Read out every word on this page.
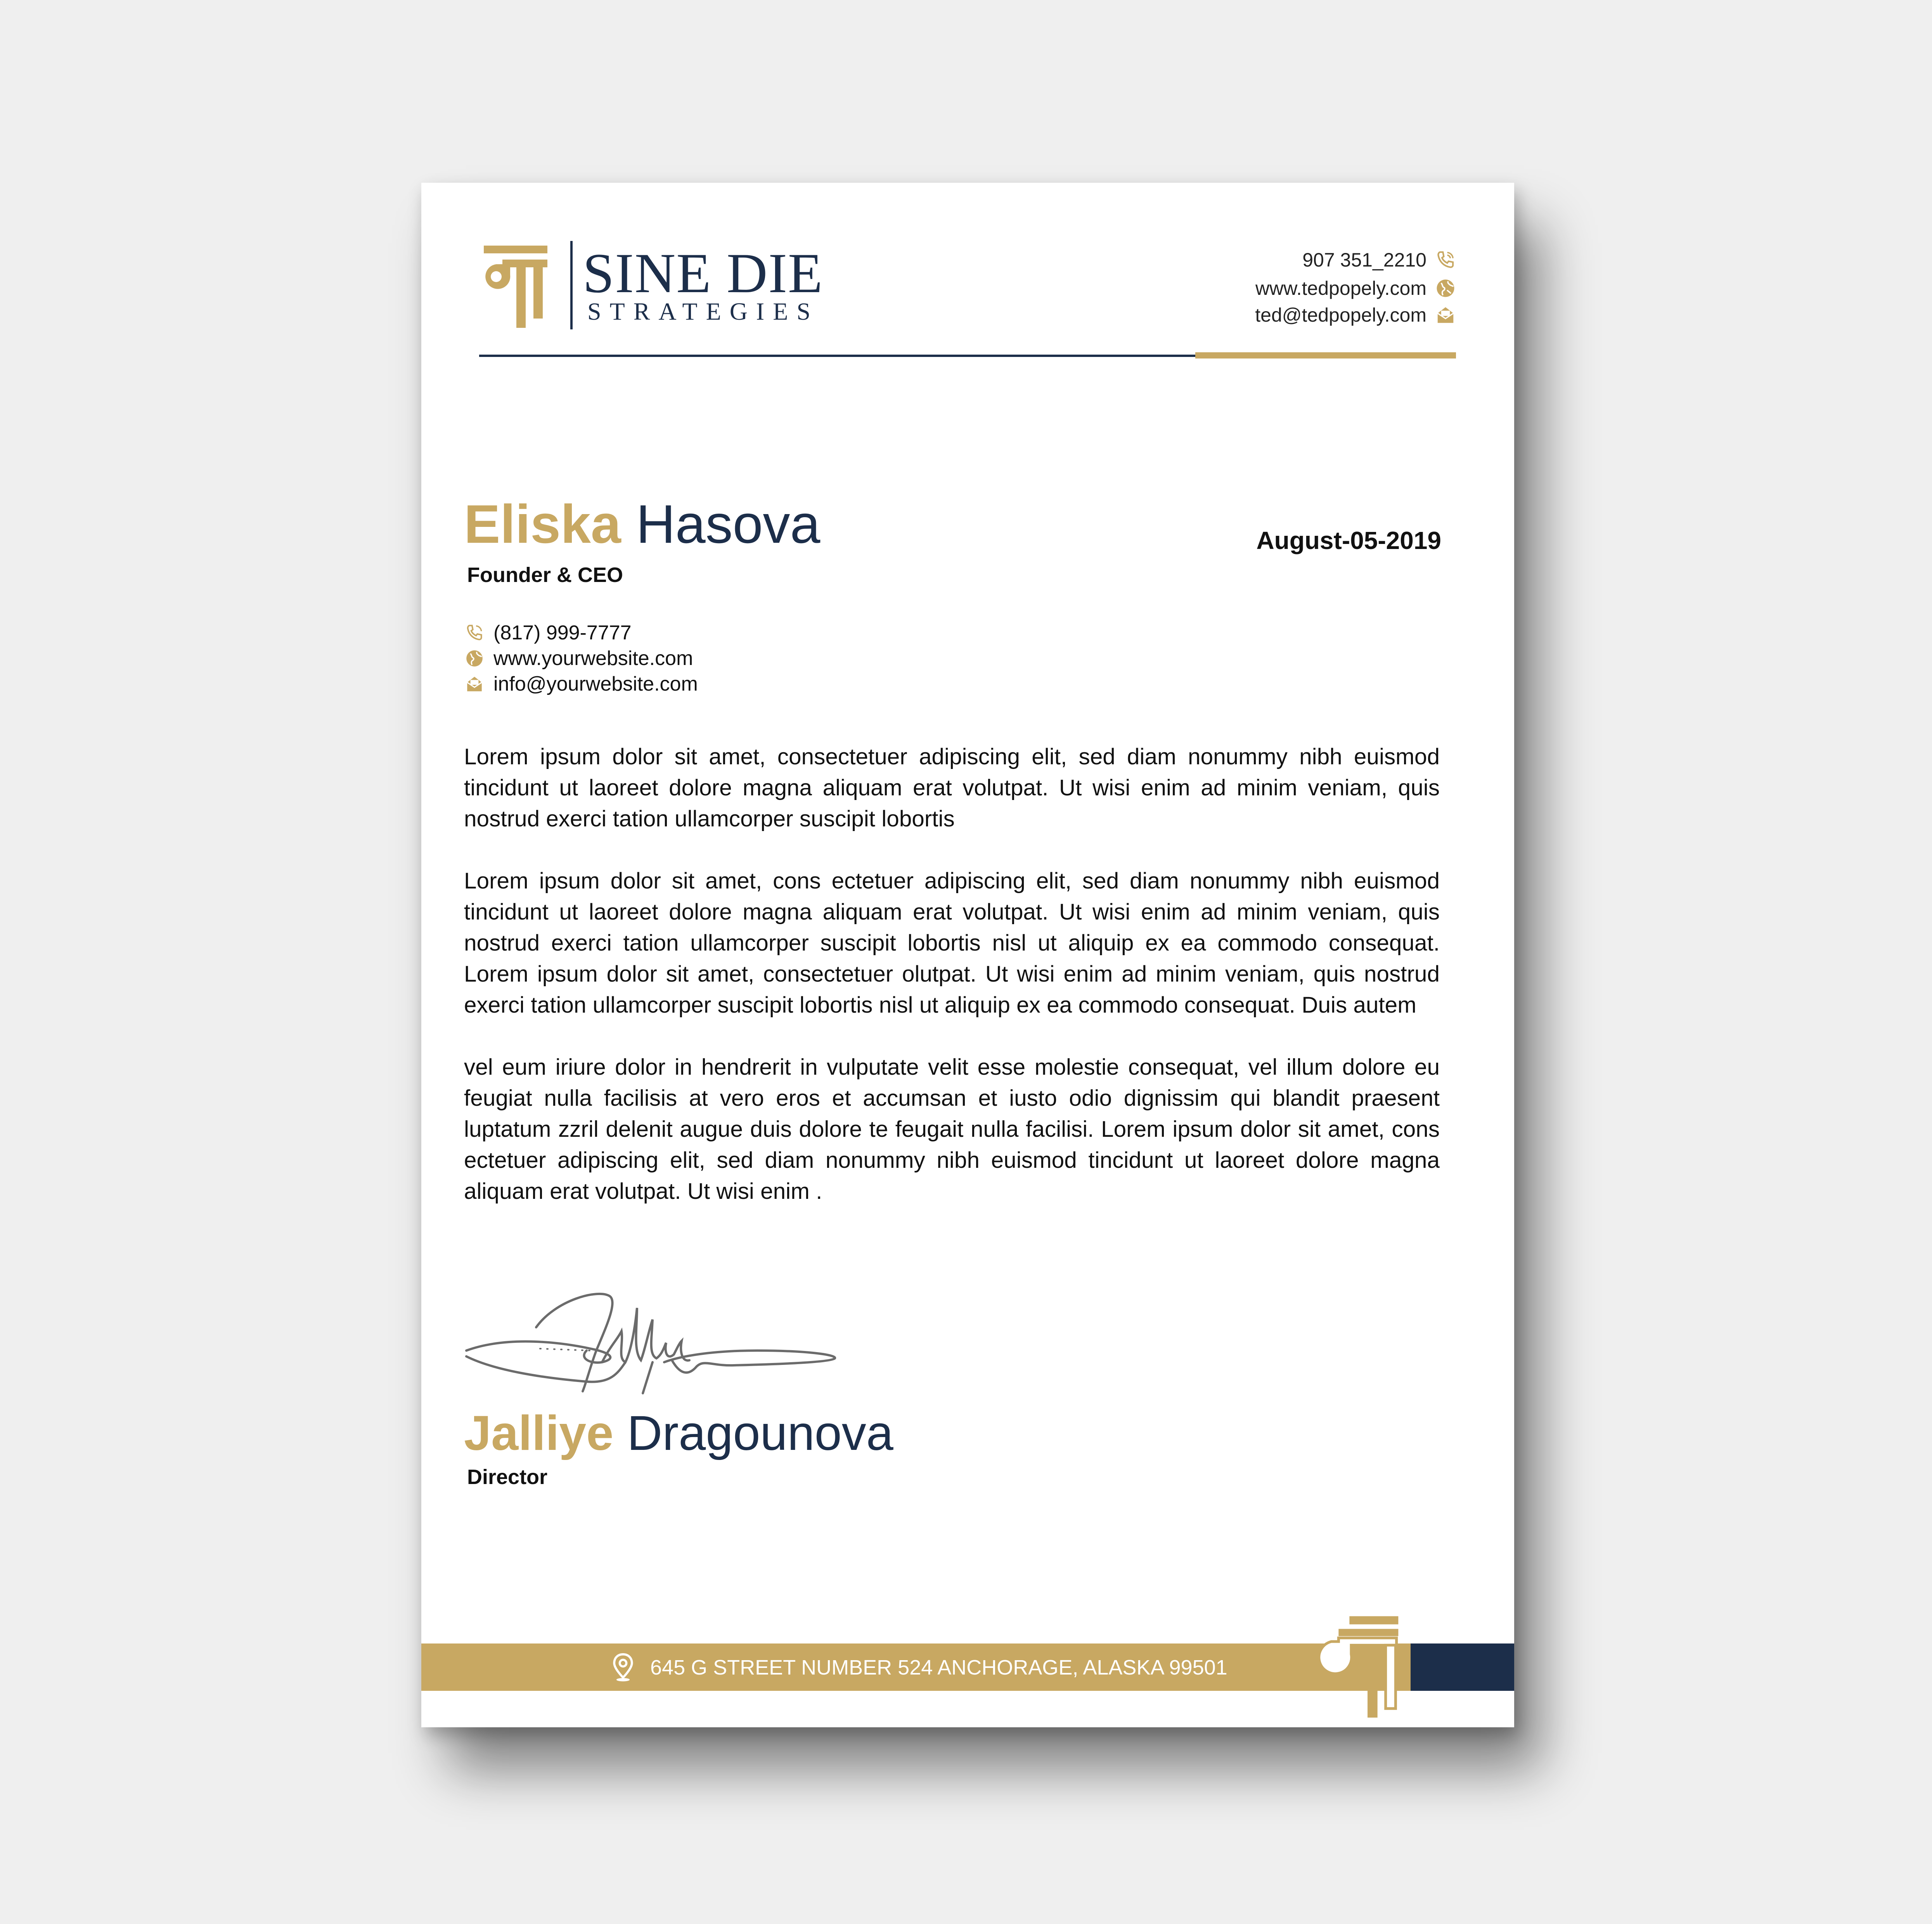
SINE DIE
STRATEGIES
907 351_2210
www.tedpopely.com
ted@tedpopely.com
Eliska Hasova
Founder & CEO
August-05-2019
(817) 999-7777
www.yourwebsite.com
info@yourwebsite.com

Lorem ipsum dolor sit amet, consectetuer adipiscing elit, sed diam nonummy nibh euismod tincidunt ut laoreet dolore magna aliquam erat volutpat. Ut wisi enim ad minim veniam, quis nostrud exerci tation ullamcorper suscipit lobortis

Lorem ipsum dolor sit amet, cons ectetuer adipiscing elit, sed diam nonummy nibh euismod tincidunt ut laoreet dolore magna aliquam erat volutpat. Ut wisi enim ad minim veniam, quis nostrud exerci tation ullamcorper suscipit lobortis nisl ut aliquip ex ea commodo consequat. Lorem ipsum dolor sit amet, consectetuer olutpat. Ut wisi enim ad minim veniam, quis nostrud exerci tation ullamcorper suscipit lobortis nisl ut aliquip ex ea commodo consequat. Duis autem

vel eum iriure dolor in hendrerit in vulputate velit esse molestie consequat, vel illum dolore eu feugiat nulla facilisis at vero eros et accumsan et iusto odio dignissim qui blandit praesent luptatum zzril delenit augue duis dolore te feugait nulla facilisi. Lorem ipsum dolor sit amet, cons ectetuer adipiscing elit, sed diam nonummy nibh euismod tincidunt ut laoreet dolore magna aliquam erat volutpat. Ut wisi enim .

Jalliye Dragounova
Director
645 G STREET NUMBER 524 ANCHORAGE, ALASKA 99501
